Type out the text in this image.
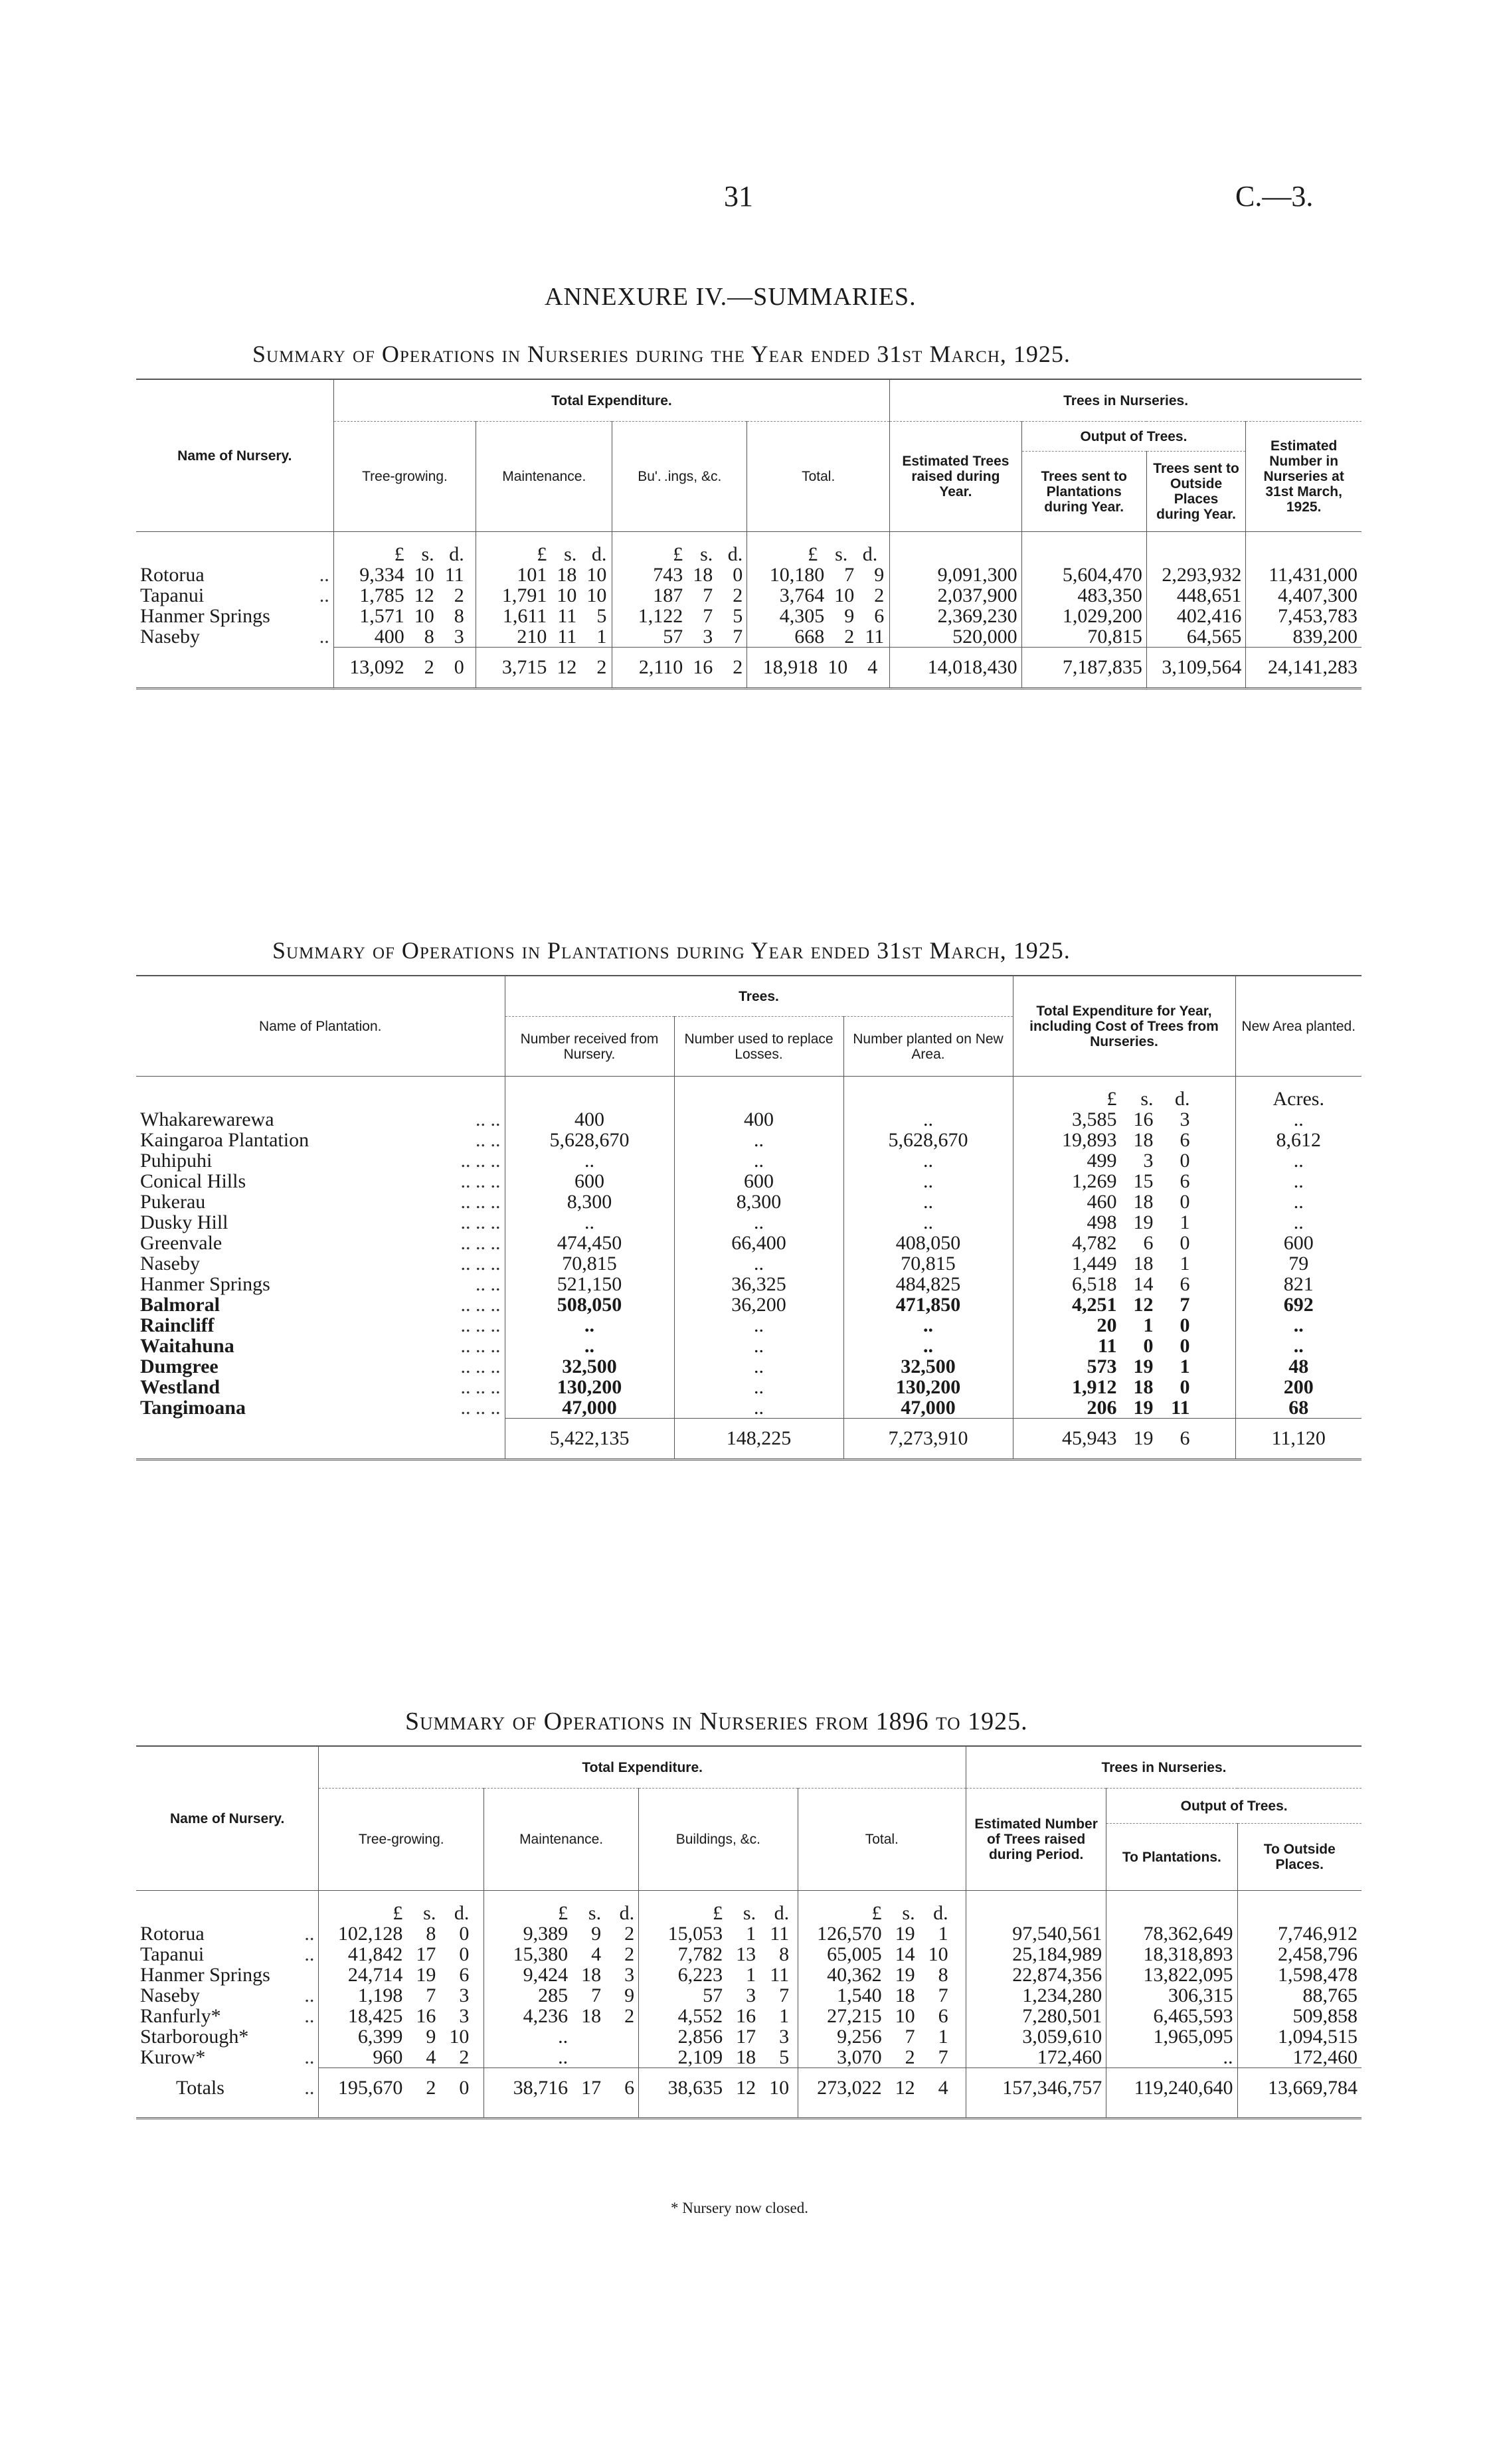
31	C.—3.
ANNEXURE IV.—SUMMARIES.
Summary of Operations in Nurseries during the Year ended 31st March, 1925.
Name of Nursery.	Total Expenditure.				Trees in Nurseries.			
	Tree-growing.	Maintenance.	Bu'. .ings, &c.	Total.	Estimated Trees raised during Year.	Output of Trees.		Estimated Number in Nurseries at 31st March, 1925.
						Trees sent to Plantations during Year.	Trees sent to Outside Places during Year.	

	£ s. d.	£ s. d.	£ s. d.	£ s. d.				
Rotorua ..	9,334 10 11	101 18 10	743 18 0	10,180 7 9	9,091,300	5,604,470	2,293,932	11,431,000
Tapanui ..	1,785 12 2	1,791 10 10	187 7 2	3,764 10 2	2,037,900	483,350	448,651	4,407,300
Hanmer Springs	1,571 10 8	1,611 11 5	1,122 7 5	4,305 9 6	2,369,230	1,029,200	402,416	7,453,783
Naseby ..	400 8 3	210 11 1	57 3 7	668 2 11	520,000	70,815	64,565	839,200
	13,092 2 0	3,715 12 2	2,110 16 2	18,918 10 4	14,018,430	7,187,835	3,109,564	24,141,283
Summary of Operations in Plantations during Year ended 31st March, 1925.
Name of Plantation.	Trees.			Total Expenditure for Year, including Cost of Trees from Nurseries.	New Area planted.
	Number received from Nursery.	Number used to replace Losses.	Number planted on New Area.		

				£ s. d.	Acres.
Whakarewarewa .. ..	400	400	..	3,585 16 3	..
Kaingaroa Plantation .. ..	5,628,670	..	5,628,670	19,893 18 6	8,612
Puhipuhi .. .. ..	..	..	..	499 3 0	..
Conical Hills .. .. ..	600	600	..	1,269 15 6	..
Pukerau .. .. ..	8,300	8,300	..	460 18 0	..
Dusky Hill .. .. ..	..	..	..	498 19 1	..
Greenvale .. .. ..	474,450	66,400	408,050	4,782 6 0	600
Naseby .. .. ..	70,815	..	70,815	1,449 18 1	79
Hanmer Springs .. ..	521,150	36,325	484,825	6,518 14 6	821
Balmoral .. .. ..	508,050	36,200	471,850	4,251 12 7	692
Raincliff .. .. ..	..	..	..	20 1 0	..
Waitahuna .. .. ..	..	..	..	11 0 0	..
Dumgree .. .. ..	32,500	..	32,500	573 19 1	48
Westland .. .. ..	130,200	..	130,200	1,912 18 0	200
Tangimoana .. .. ..	47,000	..	47,000	206 19 11	68
	5,422,135	148,225	7,273,910	45,943 19 6	11,120
Summary of Operations in Nurseries from 1896 to 1925.
Name of Nursery.	Total Expenditure.				Trees in Nurseries.		
	Tree-growing.	Maintenance.	Buildings, &c.	Total.	Estimated Number of Trees raised during Period.	Output of Trees.	
						To Plantations.	To Outside Places.

	£ s. d.	£ s. d.	£ s. d.	£ s. d.			
Rotorua ..	102,128 8 0	9,389 9 2	15,053 1 11	126,570 19 1	97,540,561	78,362,649	7,746,912
Tapanui ..	41,842 17 0	15,380 4 2	7,782 13 8	65,005 14 10	25,184,989	18,318,893	2,458,796
Hanmer Springs	24,714 19 6	9,424 18 3	6,223 1 11	40,362 19 8	22,874,356	13,822,095	1,598,478
Naseby ..	1,198 7 3	285 7 9	57 3 7	1,540 18 7	1,234,280	306,315	88,765
Ranfurly* ..	18,425 16 3	4,236 18 2	4,552 16 1	27,215 10 6	7,280,501	6,465,593	509,858
Starborough*	6,399 9 10	..	2,856 17 3	9,256 7 1	3,059,610	1,965,095	1,094,515
Kurow* ..	960 4 2	..	2,109 18 5	3,070 2 7	172,460	..	172,460
Totals ..	195,670 2 0	38,716 17 6	38,635 12 10	273,022 12 4	157,346,757	119,240,640	13,669,784
* Nursery now closed.
